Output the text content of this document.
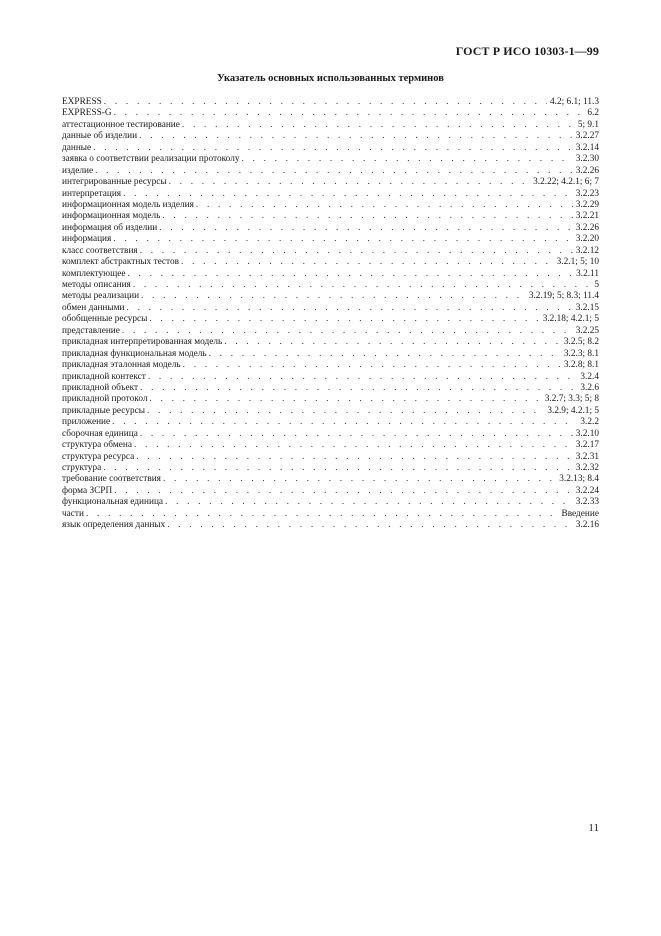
ГОСТ Р ИСО 10303-1—99
Указатель основных использованных терминов
EXPRESS . . .	4.2; 6.1; 11.3
EXPRESS-G . . .	6.2
аттестационное тестирование . . .	5; 9.1
данные об изделии . . .	3.2.27
данные . . .	3.2.14
заявка о соответствии реализации протоколу . . .	3.2.30
изделие . . .	3.2.26
интегрированные ресурсы . . .	3.2.22; 4.2.1; 6; 7
интерпретация . . .	3.2.23
информационная модель изделия . . .	3.2.29
информационная модель . . .	3.2.21
информация об изделии . . .	3.2.26
информация . . .	3.2.20
класс соответствия . . .	3.2.12
комплект абстрактных тестов . . .	3.2.1; 5; 10
комплектующее . . .	3.2.11
методы описания . . .	5
методы реализации . . .	3.2.19; 5; 8.3; 11.4
обмен данными . . .	3.2.15
обобщенные ресурсы . . .	3.2.18; 4.2.1; 5
представление . . .	3.2.25
прикладная интерпретированная модель . . .	3.2.5; 8.2
прикладная функциональная модель . . .	3.2.3; 8.1
прикладная эталонная модель . . .	3.2.8; 8.1
прикладной контекст . . .	3.2.4
прикладной объект . . .	3.2.6
прикладной протокол . . .	3.2.7; 3.3; 5; 8
прикладные ресурсы . . .	3.2.9; 4.2.1; 5
приложение . . .	3.2.2
сборочная единица . . .	3.2.10
структура обмена . . .	3.2.17
структура ресурса . . .	3.2.31
структура . . .	3.2.32
требование соответствия . . .	3.2.13; 8.4
форма ЗСРП . . .	3.2.24
функциональная единица . . .	3.2.33
части . . .	Введение
язык определения данных . . .	3.2.16
11
